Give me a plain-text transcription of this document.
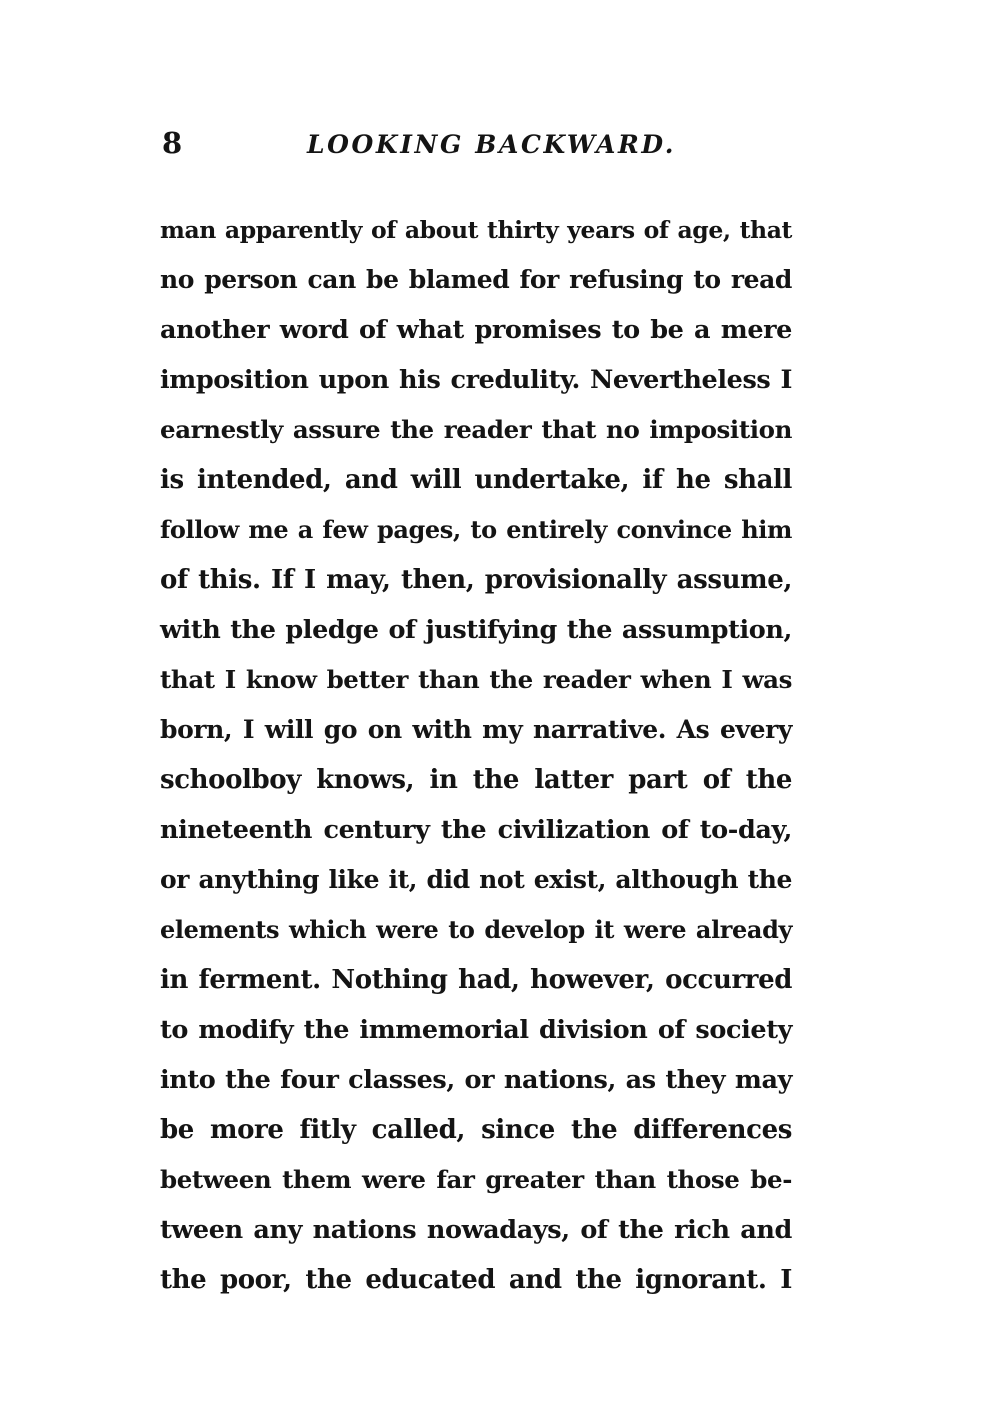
8	LOOKING BACKWARD.
man apparently of about thirty years of age, that
no person can be blamed for refusing to read
another word of what promises to be a mere
imposition upon his credulity. Nevertheless I
earnestly assure the reader that no imposition
is intended, and will undertake, if he shall
follow me a few pages, to entirely convince him
of this. If I may, then, provisionally assume,
with the pledge of justifying the assumption,
that I know better than the reader when I was
born, I will go on with my narrative. As every
schoolboy knows, in the latter part of the
nineteenth century the civilization of to-day,
or anything like it, did not exist, although the
elements which were to develop it were already
in ferment. Nothing had, however, occurred
to modify the immemorial division of society
into the four classes, or nations, as they may
be more fitly called, since the differences
between them were far greater than those be-
tween any nations nowadays, of the rich and
the poor, the educated and the ignorant. I
